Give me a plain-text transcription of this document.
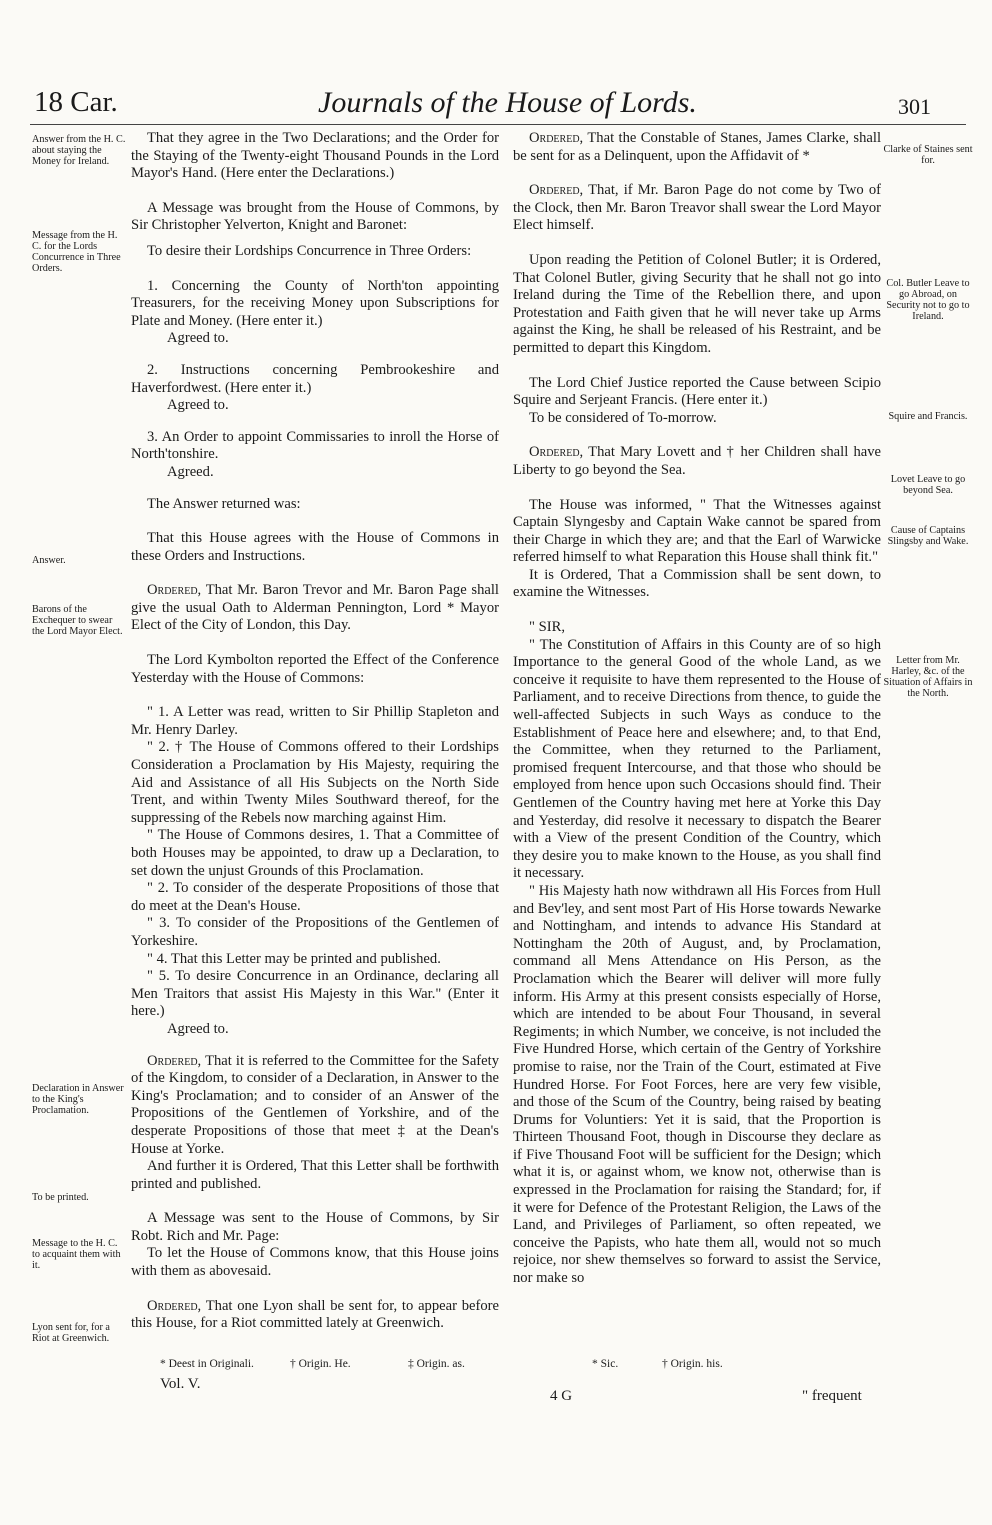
18 Car.	Journals of the House of Lords.	301
Answer from the H. C. about staying the Money for Ireland.
Message from the H. C. for the Lords Concurrence in Three Orders.
Answer.
Barons of the Exchequer to swear the Lord Mayor Elect.
Declaration in Answer to the King's Proclamation.
To be printed.
Message to the H. C. to acquaint them with it.
Lyon sent for, for a Riot at Greenwich.
Clarke of Staines sent for.
Col. Butler Leave to go Abroad, on Security not to go to Ireland.
Squire and Francis.
Lovet Leave to go beyond Sea.
Cause of Captains Slingsby and Wake.
Letter from Mr. Harley, &c. of the Situation of Affairs in the North.

That they agree in the Two Declarations; and the Order for the Staying of the Twenty-eight Thousand Pounds in the Lord Mayor's Hand. (Here enter the Declarations.)

A Message was brought from the House of Commons, by Sir Christopher Yelverton, Knight and Baronet:

To desire their Lordships Concurrence in Three Orders:

1. Concerning the County of North'ton appointing Treasurers, for the receiving Money upon Subscriptions for Plate and Money. (Here enter it.)

Agreed to.

2. Instructions concerning Pembrookeshire and Haverfordwest. (Here enter it.)

Agreed to.

3. An Order to appoint Commissaries to inroll the Horse of North'tonshire.

Agreed.

The Answer returned was:

That this House agrees with the House of Commons in these Orders and Instructions.

Ordered, That Mr. Baron Trevor and Mr. Baron Page shall give the usual Oath to Alderman Pennington, Lord * Mayor Elect of the City of London, this Day.

The Lord Kymbolton reported the Effect of the Conference Yesterday with the House of Commons:

" 1. A Letter was read, written to Sir Phillip Stapleton and Mr. Henry Darley.

" 2. † The House of Commons offered to their Lordships Consideration a Proclamation by His Majesty, requiring the Aid and Assistance of all His Subjects on the North Side Trent, and within Twenty Miles Southward thereof, for the suppressing of the Rebels now marching against Him.

" The House of Commons desires, 1. That a Committee of both Houses may be appointed, to draw up a Declaration, to set down the unjust Grounds of this Proclamation.

" 2. To consider of the desperate Propositions of those that do meet at the Dean's House.

" 3. To consider of the Propositions of the Gentlemen of Yorkeshire.

" 4. That this Letter may be printed and published.

" 5. To desire Concurrence in an Ordinance, declaring all Men Traitors that assist His Majesty in this War." (Enter it here.)

Agreed to.

Ordered, That it is referred to the Committee for the Safety of the Kingdom, to consider of a Declaration, in Answer to the King's Proclamation; and to consider of an Answer of the Propositions of the Gentlemen of Yorkshire, and of the desperate Propositions of those that meet ‡ at the Dean's House at Yorke.

And further it is Ordered, That this Letter shall be forthwith printed and published.

A Message was sent to the House of Commons, by Sir Robt. Rich and Mr. Page:

To let the House of Commons know, that this House joins with them as abovesaid.

Ordered, That one Lyon shall be sent for, to appear before this House, for a Riot committed lately at Greenwich.

Ordered, That the Constable of Stanes, James Clarke, shall be sent for as a Delinquent, upon the Affidavit of *

Ordered, That, if Mr. Baron Page do not come by Two of the Clock, then Mr. Baron Treavor shall swear the Lord Mayor Elect himself.

Upon reading the Petition of Colonel Butler; it is Ordered, That Colonel Butler, giving Security that he shall not go into Ireland during the Time of the Rebellion there, and upon Protestation and Faith given that he will never take up Arms against the King, he shall be released of his Restraint, and be permitted to depart this Kingdom.

The Lord Chief Justice reported the Cause between Scipio Squire and Serjeant Francis. (Here enter it.)

To be considered of To-morrow.

Ordered, That Mary Lovett and † her Children shall have Liberty to go beyond the Sea.

The House was informed, " That the Witnesses against Captain Slyngesby and Captain Wake cannot be spared from their Charge in which they are; and that the Earl of Warwicke referred himself to what Reparation this House shall think fit."

It is Ordered, That a Commission shall be sent down, to examine the Witnesses.

" SIR,

" The Constitution of Affairs in this County are of so high Importance to the general Good of the whole Land, as we conceive it requisite to have them represented to the House of Parliament, and to receive Directions from thence, to guide the well-affected Subjects in such Ways as conduce to the Establishment of Peace here and elsewhere; and, to that End, the Committee, when they returned to the Parliament, promised frequent Intercourse, and that those who should be employed from hence upon such Occasions should find. Their Gentlemen of the Country having met here at Yorke this Day and Yesterday, did resolve it necessary to dispatch the Bearer with a View of the present Condition of the Country, which they desire you to make known to the House, as you shall find it necessary.

" His Majesty hath now withdrawn all His Forces from Hull and Bev'ley, and sent most Part of His Horse towards Newarke and Nottingham, and intends to advance His Standard at Nottingham the 20th of August, and, by Proclamation, command all Mens Attendance on His Person, as the Proclamation which the Bearer will deliver will more fully inform. His Army at this present consists especially of Horse, which are intended to be about Four Thousand, in several Regiments; in which Number, we conceive, is not included the Five Hundred Horse, which certain of the Gentry of Yorkshire promise to raise, nor the Train of the Court, estimated at Five Hundred Horse. For Foot Forces, here are very few visible, and those of the Scum of the Country, being raised by beating Drums for Voluntiers: Yet it is said, that the Proportion is Thirteen Thousand Foot, though in Discourse they declare as if Five Thousand Foot will be sufficient for the Design; which what it is, or against whom, we know not, otherwise than is expressed in the Proclamation for raising the Standard; for, if it were for Defence of the Protestant Religion, the Laws of the Land, and Privileges of Parliament, so often repeated, we conceive the Papists, who hate them all, would not so much rejoice, nor shew themselves so forward to assist the Service, nor make so

* Deest in Originali.	† Origin. He.	‡ Origin. as.	* Sic.	† Origin. his.
Vol. V.
4 G	" frequent
